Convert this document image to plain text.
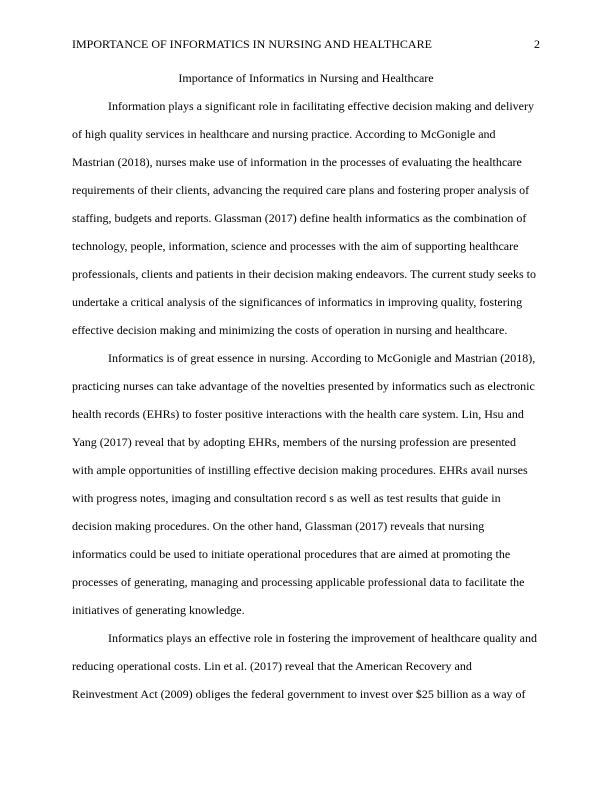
IMPORTANCE OF INFORMATICS IN NURSING AND HEALTHCARE	2
Importance of Informatics in Nursing and Healthcare
Information plays a significant role in facilitating effective decision making and delivery
of high quality services in healthcare and nursing practice. According to McGonigle and
Mastrian (2018), nurses make use of information in the processes of evaluating the healthcare
requirements of their clients, advancing the required care plans and fostering proper analysis of
staffing, budgets and reports. Glassman (2017) define health informatics as the combination of
technology, people, information, science and processes with the aim of supporting healthcare
professionals, clients and patients in their decision making endeavors. The current study seeks to
undertake a critical analysis of the significances of informatics in improving quality, fostering
effective decision making and minimizing the costs of operation in nursing and healthcare.
Informatics is of great essence in nursing. According to McGonigle and Mastrian (2018),
practicing nurses can take advantage of the novelties presented by informatics such as electronic
health records (EHRs) to foster positive interactions with the health care system. Lin, Hsu and
Yang (2017) reveal that by adopting EHRs, members of the nursing profession are presented
with ample opportunities of instilling effective decision making procedures. EHRs avail nurses
with progress notes, imaging and consultation record s as well as test results that guide in
decision making procedures. On the other hand, Glassman (2017) reveals that nursing
informatics could be used to initiate operational procedures that are aimed at promoting the
processes of generating, managing and processing applicable professional data to facilitate the
initiatives of generating knowledge.
Informatics plays an effective role in fostering the improvement of healthcare quality and
reducing operational costs. Lin et al. (2017) reveal that the American Recovery and
Reinvestment Act (2009) obliges the federal government to invest over $25 billion as a way of
